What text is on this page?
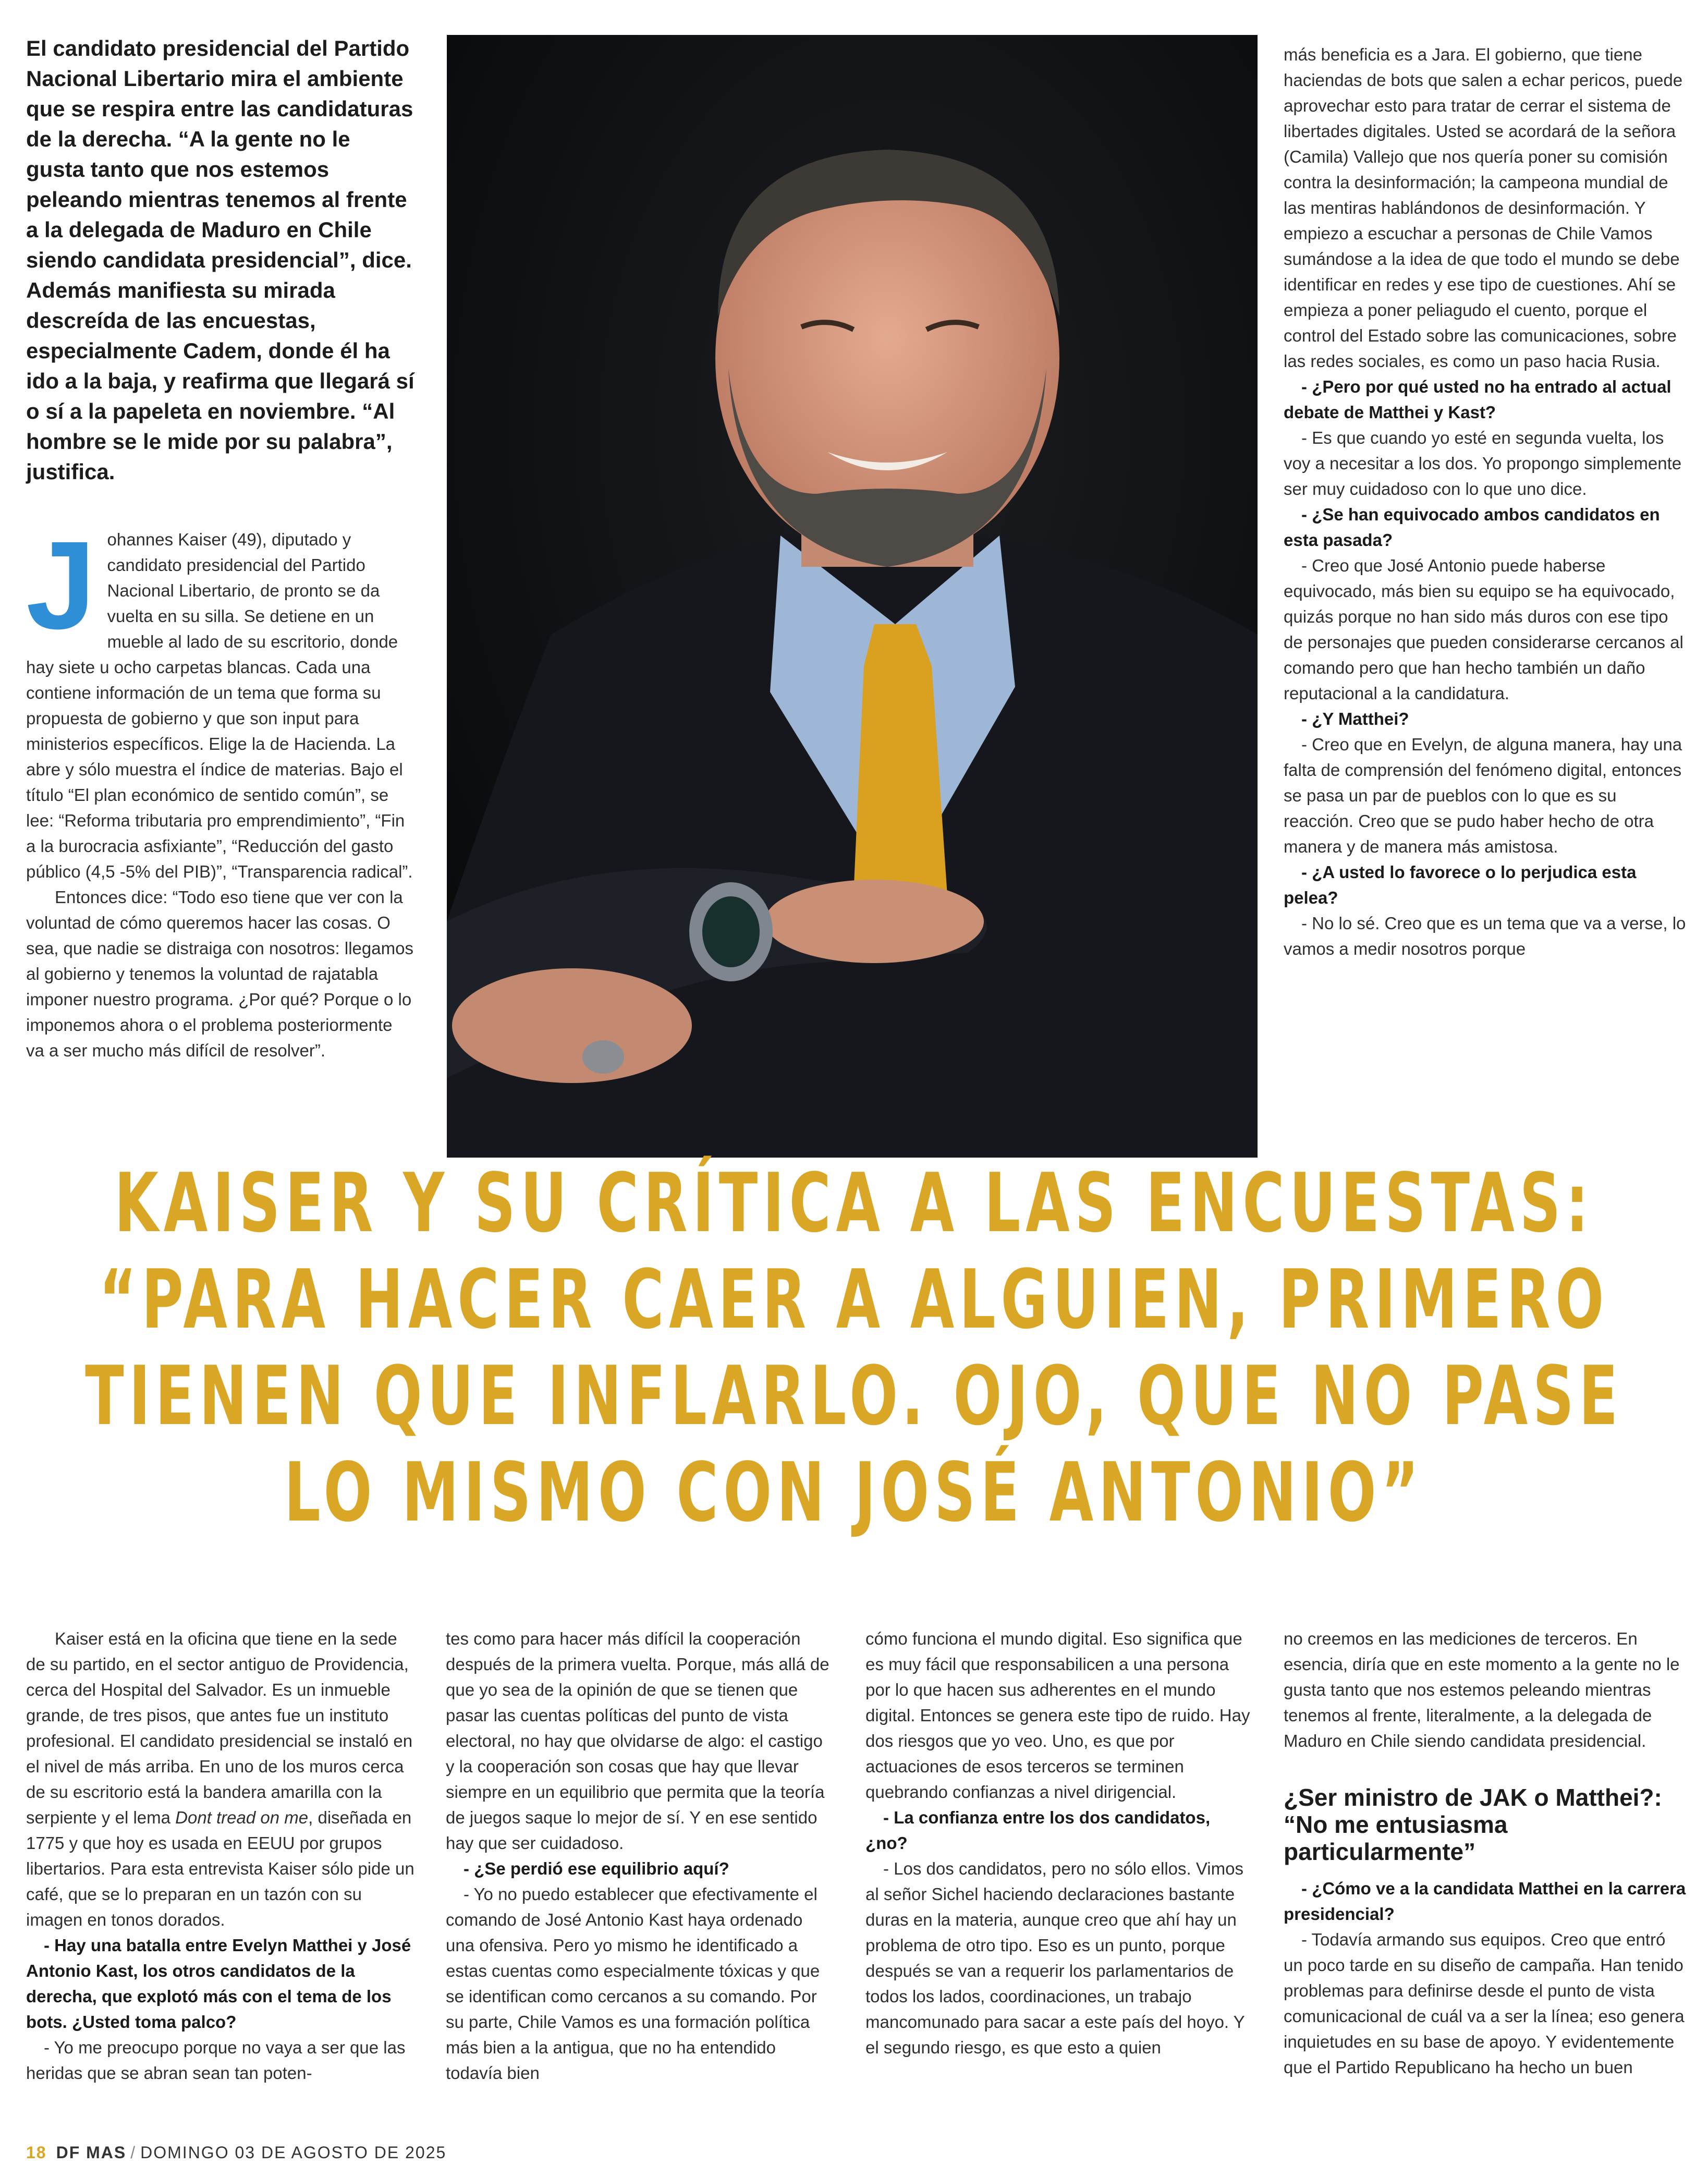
El candidato presidencial del Partido Nacional Libertario mira el ambiente que se respira entre las candidaturas de la derecha. “A la gente no le gusta tanto que nos estemos peleando mientras tenemos al frente a la delegada de Maduro en Chile siendo candidata presidencial”, dice. Además manifiesta su mirada descreída de las encuestas, especialmente Cadem, donde él ha ido a la baja, y reafirma que llegará sí o sí a la papeleta en noviembre. “Al hombre se le mide por su palabra”, justifica.

Johannes Kaiser (49), diputado y candidato presidencial del Partido Nacional Libertario, de pronto se da vuelta en su silla. Se detiene en un mueble al lado de su escritorio, donde hay siete u ocho carpetas blancas. Cada una contiene información de un tema que forma su propuesta de gobierno y que son input para ministerios específicos. Elige la de Hacienda. La abre y sólo muestra el índice de materias. Bajo el título “El plan económico de sentido común”, se lee: “Reforma tributaria pro emprendimiento”, “Fin a la burocracia asfixiante”, “Reducción del gasto público (4,5 -5% del PIB)”, “Transparencia radical”.

Entonces dice: “Todo eso tiene que ver con la voluntad de cómo queremos hacer las cosas. O sea, que nadie se distraiga con nosotros: llegamos al gobierno y tenemos la voluntad de rajatabla imponer nuestro programa. ¿Por qué? Porque o lo imponemos ahora o el problema posteriormente va a ser mucho más difícil de resolver”.

más beneficia es a Jara. El gobierno, que tiene haciendas de bots que salen a echar pericos, puede aprovechar esto para tratar de cerrar el sistema de libertades digitales. Usted se acordará de la señora (Camila) Vallejo que nos quería poner su comisión contra la desinformación; la campeona mundial de las mentiras hablándonos de desinformación. Y empiezo a escuchar a personas de Chile Vamos sumándose a la idea de que todo el mundo se debe identificar en redes y ese tipo de cuestiones. Ahí se empieza a poner peliagudo el cuento, porque el control del Estado sobre las comunicaciones, sobre las redes sociales, es como un paso hacia Rusia.

- ¿Pero por qué usted no ha entrado al actual debate de Matthei y Kast?

- Es que cuando yo esté en segunda vuelta, los voy a necesitar a los dos. Yo propongo simplemente ser muy cuidadoso con lo que uno dice.

- ¿Se han equivocado ambos candidatos en esta pasada?

- Creo que José Antonio puede haberse equivocado, más bien su equipo se ha equivocado, quizás porque no han sido más duros con ese tipo de personajes que pueden considerarse cercanos al comando pero que han hecho también un daño reputacional a la candidatura.

- ¿Y Matthei?

- Creo que en Evelyn, de alguna manera, hay una falta de comprensión del fenómeno digital, entonces se pasa un par de pueblos con lo que es su reacción. Creo que se pudo haber hecho de otra manera y de manera más amistosa.

- ¿A usted lo favorece o lo perjudica esta pelea?

- No lo sé. Creo que es un tema que va a verse, lo vamos a medir nosotros porque

KAISER Y SU CRÍTICA A LAS ENCUESTAS:
“PARA HACER CAER A ALGUIEN, PRIMERO
TIENEN QUE INFLARLO. OJO, QUE NO PASE
LO MISMO CON JOSÉ ANTONIO”

Kaiser está en la oficina que tiene en la sede de su partido, en el sector antiguo de Providencia, cerca del Hospital del Salvador. Es un inmueble grande, de tres pisos, que antes fue un instituto profesional. El candidato presidencial se instaló en el nivel de más arriba. En uno de los muros cerca de su escritorio está la bandera amarilla con la serpiente y el lema Dont tread on me, diseñada en 1775 y que hoy es usada en EEUU por grupos libertarios. Para esta entrevista Kaiser sólo pide un café, que se lo preparan en un tazón con su imagen en tonos dorados.

- Hay una batalla entre Evelyn Matthei y José Antonio Kast, los otros candidatos de la derecha, que explotó más con el tema de los bots. ¿Usted toma palco?

- Yo me preocupo porque no vaya a ser que las heridas que se abran sean tan poten-

tes como para hacer más difícil la cooperación después de la primera vuelta. Porque, más allá de que yo sea de la opinión de que se tienen que pasar las cuentas políticas del punto de vista electoral, no hay que olvidarse de algo: el castigo y la cooperación son cosas que hay que llevar siempre en un equilibrio que permita que la teoría de juegos saque lo mejor de sí. Y en ese sentido hay que ser cuidadoso.

- ¿Se perdió ese equilibrio aquí?

- Yo no puedo establecer que efectivamente el comando de José Antonio Kast haya ordenado una ofensiva. Pero yo mismo he identificado a estas cuentas como especialmente tóxicas y que se identifican como cercanos a su comando. Por su parte, Chile Vamos es una formación política más bien a la antigua, que no ha entendido todavía bien

cómo funciona el mundo digital. Eso significa que es muy fácil que responsabilicen a una persona por lo que hacen sus adherentes en el mundo digital. Entonces se genera este tipo de ruido. Hay dos riesgos que yo veo. Uno, es que por actuaciones de esos terceros se terminen quebrando confianzas a nivel dirigencial.

- La confianza entre los dos candidatos, ¿no?

- Los dos candidatos, pero no sólo ellos. Vimos al señor Sichel haciendo declaraciones bastante duras en la materia, aunque creo que ahí hay un problema de otro tipo. Eso es un punto, porque después se van a requerir los parlamentarios de todos los lados, coordinaciones, un trabajo mancomunado para sacar a este país del hoyo. Y el segundo riesgo, es que esto a quien

no creemos en las mediciones de terceros. En esencia, diría que en este momento a la gente no le gusta tanto que nos estemos peleando mientras tenemos al frente, literalmente, a la delegada de Maduro en Chile siendo candidata presidencial.

¿Ser ministro de JAK o Matthei?: “No me entusiasma particularmente”

- ¿Cómo ve a la candidata Matthei en la carrera presidencial?

- Todavía armando sus equipos. Creo que entró un poco tarde en su diseño de campaña. Han tenido problemas para definirse desde el punto de vista comunicacional de cuál va a ser la línea; eso genera inquietudes en su base de apoyo. Y evidentemente que el Partido Republicano ha hecho un buen

18 DF MAS / DOMINGO 03 DE AGOSTO DE 2025
